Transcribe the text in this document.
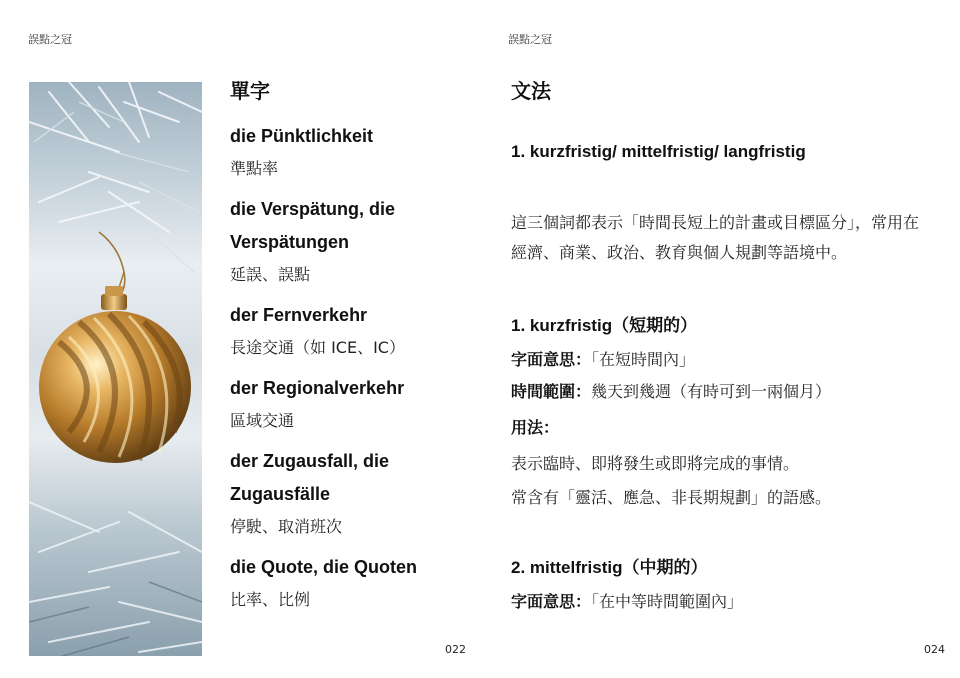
誤點之冠
單字
die Pünktlichkeit
準點率
die Verspätung, die Verspätungen
延誤、誤點
der Fernverkehr
長途交通（如 ICE、IC）
der Regionalverkehr
區域交通
der Zugausfall, die Zugausfälle
停駛、取消班次
die Quote, die Quoten
比率、比例
022
誤點之冠
文法
1. kurzfristig/ mittelfristig/ langfristig
這三個詞都表示「時間長短上的計畫或目標區分」，常用在經濟、商業、政治、教育與個人規劃等語境中。
1. kurzfristig（短期的）
字面意思：「在短時間內」
時間範圍：幾天到幾週（有時可到一兩個月）
用法：
表示臨時、即將發生或即將完成的事情。
常含有「靈活、應急、非長期規劃」的語感。
2. mittelfristig（中期的）
字面意思：「在中等時間範圍內」
024
